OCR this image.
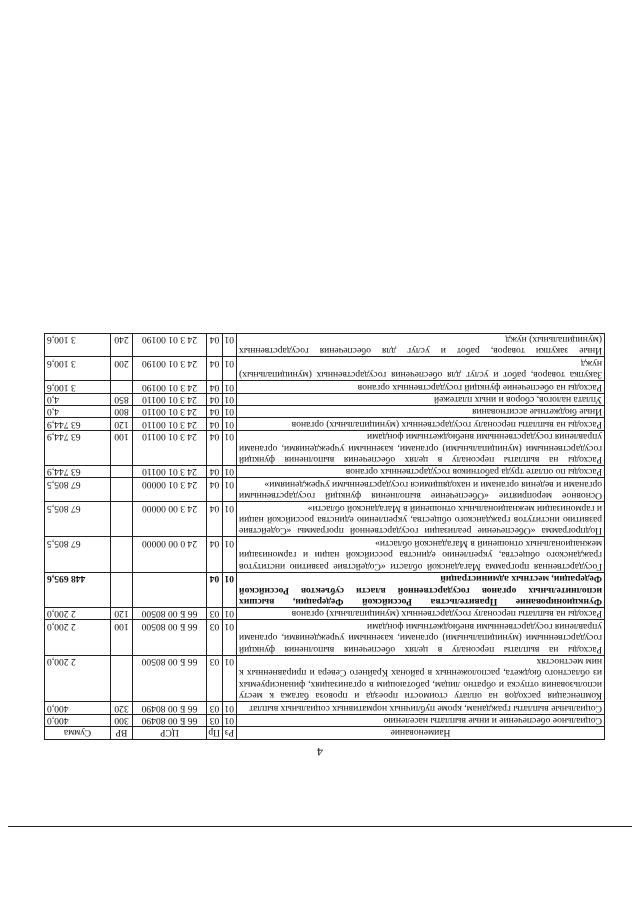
4
Наименование	Рз	Пр	ЦСР	ВР	Сумма
Социальное обеспечение и иные выплаты населению	01	03	66 Б 00 80490	300	400,0
Социальные выплаты гражданам, кроме публичных нормативных социальных выплат	01	03	66 Б 00 80490	320	400,0
Компенсация расходов на оплату стоимости проезда и провоза багажа к месту использования отпуска и обратно лицам, работающим в организациях, финансируемых из областного бюджета, расположенных в районах Крайнего Севера и приравненных к ним местностях	01	03	66 Б 00 80500		2 200,0
Расходы на выплаты персоналу в целях обеспечения выполнения функций государственными (муниципальными) органами, казенными учреждениями, органами управления государственными внебюджетными фондами	01	03	66 Б 00 80500	100	2 200,0
Расходы на выплаты персоналу государственных (муниципальных) органов	01	03	66 Б 00 80500	120	2 200,0
Функционирование Правительства Российской Федерации, высших исполнительных органов государственной власти субъектов Российской Федерации, местных администраций	01	04			448 695,6
Государственная программа Магаданской области «Содействие развитию институтов гражданского общества, укреплению единства российской нации и гармонизации межнациональных отношений в Магаданской области»	01	04	24 0 00 00000		67 805,5
Подпрограмма «Обеспечение реализации государственной программы «Содействие развитию институтов гражданского общества, укреплению единства российской нации и гармонизации межнациональных отношений в Магаданской области»	01	04	24 3 00 00000		67 805,5
Основное мероприятие «Обеспечение выполнения функций государственными органами и ведения органами и находящимися государственными учреждениями»	01	04	24 3 01 00000		67 805,5
Расходы по оплате труда работников государственных органов	01	04	24 3 01 00110		63 744,9
Расходы на выплаты персоналу в целях обеспечения выполнения функций государственными (муниципальными) органами, казенными учреждениями, органами управления государственными внебюджетными фондами	01	04	24 3 01 00110	100	63 744,9
Расходы на выплаты персоналу государственных (муниципальных) органов	01	04	24 3 01 00110	120	63 744,9
Иные бюджетные ассигнования	01	04	24 3 01 00110	800	4,0
Уплата налогов, сборов и иных платежей	01	04	24 3 01 00110	850	4,0
Расходы на обеспечение функций государственных органов	01	04	24 3 01 00190		3 100,6
Закупка товаров, работ и услуг для обеспечения государственных (муниципальных) нужд	01	04	24 3 01 00190	200	3 100,6
Иные закупки товаров, работ и услуг для обеспечения государственных (муниципальных) нужд	01	04	24 3 01 00190	240	3 100,6
